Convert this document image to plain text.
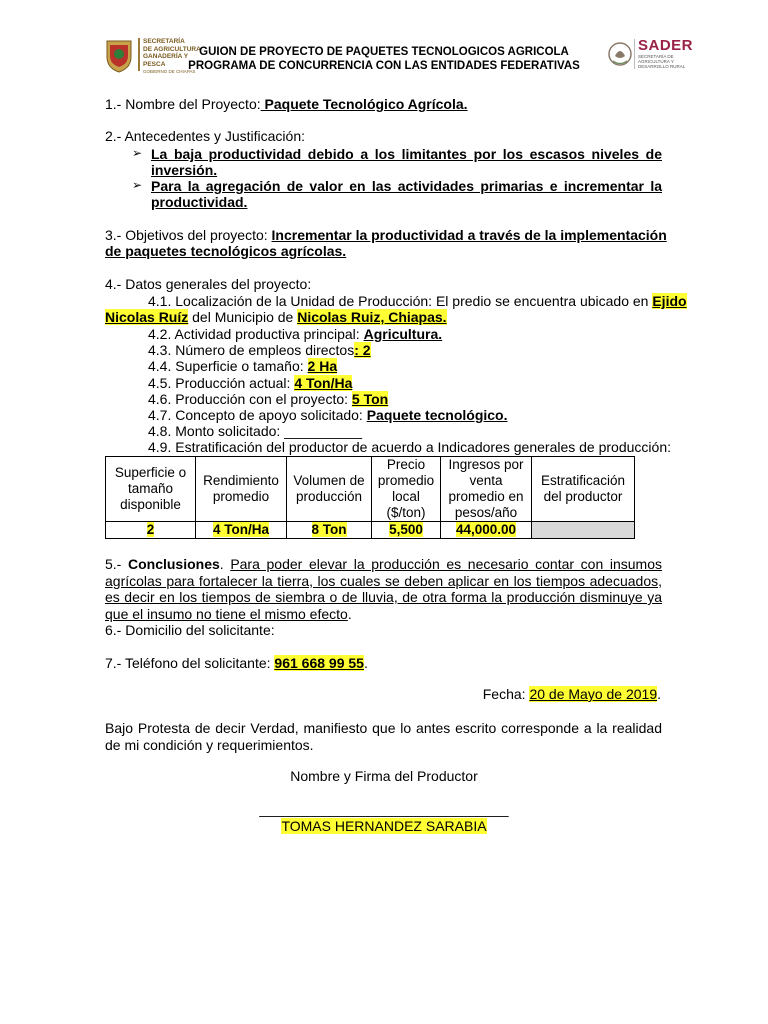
SECRETARÍA
DE AGRICULTURA
GANADERÍA Y PESCA
GOBIERNO DE CHIAPAS
GUION DE PROYECTO DE PAQUETES TECNOLOGICOS AGRICOLA
PROGRAMA DE CONCURRENCIA CON LAS ENTIDADES FEDERATIVAS
SADER
SECRETARÍA DE
AGRICULTURA Y
DESARROLLO RURAL
1.- Nombre del Proyecto: Paquete Tecnológico Agrícola.
2.- Antecedentes y Justificación:
➢ La baja productividad debido a los limitantes por los escasos niveles de
inversión.
➢ Para la agregación de valor en las actividades primarias e incrementar la
productividad.
3.- Objetivos del proyecto: Incrementar la productividad a través de la implementación
de paquetes tecnológicos agrícolas.
4.- Datos generales del proyecto:
4.1. Localización de la Unidad de Producción: El predio se encuentra ubicado en Ejido
Nicolas Ruíz del Municipio de Nicolas Ruiz, Chiapas.
4.2. Actividad productiva principal: Agricultura.
4.3. Número de empleos directos: 2
4.4. Superficie o tamaño: 2 Ha
4.5. Producción actual: 4 Ton/Ha
4.6. Producción con el proyecto: 5 Ton
4.7. Concepto de apoyo solicitado: Paquete tecnológico.
4.8. Monto solicitado: __________
4.9. Estratificación del productor de acuerdo a Indicadores generales de producción:
Superficie o tamaño disponible	Rendimiento promedio	Volumen de producción	Precio promedio local ($/ton)	Ingresos por venta promedio en pesos/año	Estratificación del productor
2	4 Ton/Ha	8 Ton	5,500	44,000.00	
5.- Conclusiones. Para poder elevar la producción es necesario contar con insumos agrícolas para fortalecer la tierra, los cuales se deben aplicar en los tiempos adecuados, es decir en los tiempos de siembra o de lluvia, de otra forma la producción disminuye ya que el insumo no tiene el mismo efecto.
6.- Domicilio del solicitante:
7.- Teléfono del solicitante: 961 668 99 55.
Fecha: 20 de Mayo de 2019.
Bajo Protesta de decir Verdad, manifiesto que lo antes escrito corresponde a la realidad de mi condición y requerimientos.
Nombre y Firma del Productor
________________________________
TOMAS HERNANDEZ SARABIA
